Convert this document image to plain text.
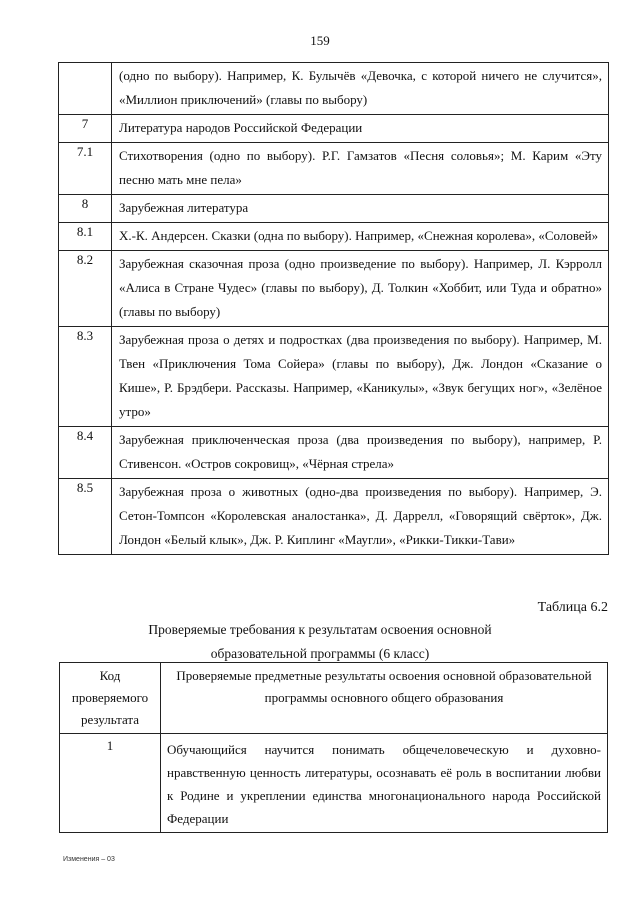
159
	(одно по выбору). Например, К. Булычёв «Девочка, с которой ничего не случится», «Миллион приключений» (главы по выбору)
7	Литература народов Российской Федерации
7.1	Стихотворения (одно по выбору). Р.Г. Гамзатов «Песня соловья»; М. Карим «Эту песню мать мне пела»
8	Зарубежная литература
8.1	Х.-К. Андерсен. Сказки (одна по выбору). Например, «Снежная королева», «Соловей»
8.2	Зарубежная сказочная проза (одно произведение по выбору). Например, Л. Кэрролл «Алиса в Стране Чудес» (главы по выбору), Д. Толкин «Хоббит, или Туда и обратно» (главы по выбору)
8.3	Зарубежная проза о детях и подростках (два произведения по выбору). Например, М. Твен «Приключения Тома Сойера» (главы по выбору), Дж. Лондон «Сказание о Кише», Р. Брэдбери. Рассказы. Например, «Каникулы», «Звук бегущих ног», «Зелёное утро»
8.4	Зарубежная приключенческая проза (два произведения по выбору), например, Р. Стивенсон. «Остров сокровищ», «Чёрная стрела»
8.5	Зарубежная проза о животных (одно-два произведения по выбору). Например, Э. Сетон-Томпсон «Королевская аналостанка», Д. Даррелл, «Говорящий свёрток», Дж. Лондон «Белый клык», Дж. Р. Киплинг «Маугли», «Рикки-Тикки-Тави»
Таблица 6.2
Проверяемые требования к результатам освоения основной
образовательной программы (6 класс)
Код проверяемого результата	Проверяемые предметные результаты освоения основной образовательной программы основного общего образования
1	Обучающийся научится понимать общечеловеческую и духовно-нравственную ценность литературы, осознавать её роль в воспитании любви к Родине и укреплении единства многонационального народа Российской Федерации
Изменения – 03
